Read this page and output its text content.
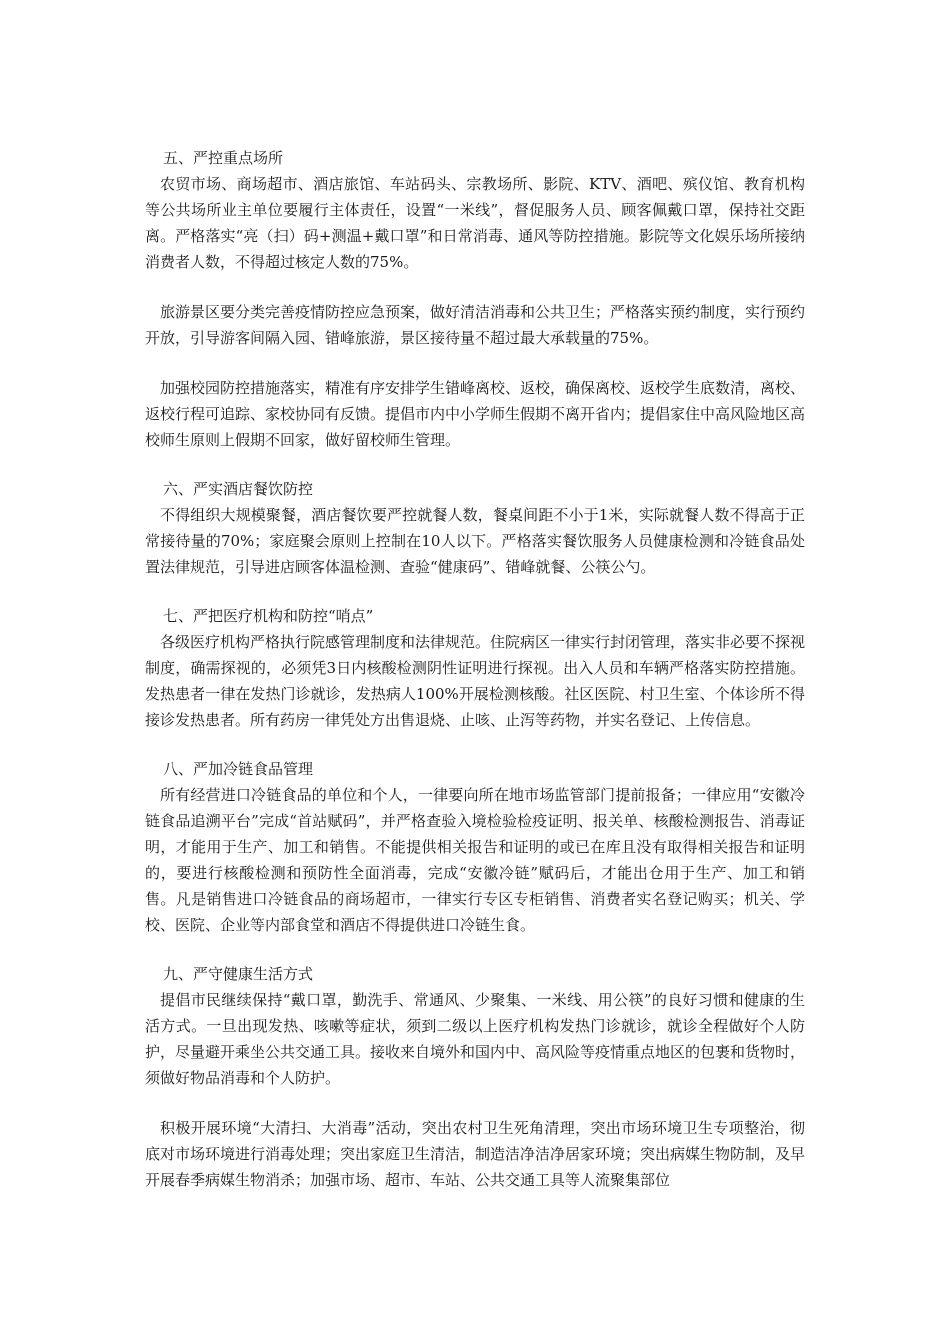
五、严控重点场所

农贸市场、商场超市、酒店旅馆、车站码头、宗教场所、影院、KTV、酒吧、殡仪馆、教育机构等公共场所业主单位要履行主体责任，设置“一米线”，督促服务人员、顾客佩戴口罩，保持社交距离。严格落实“亮（扫）码+测温+戴口罩”和日常消毒、通风等防控措施。影院等文化娱乐场所接纳消费者人数，不得超过核定人数的75%。

旅游景区要分类完善疫情防控应急预案，做好清洁消毒和公共卫生；严格落实预约制度，实行预约开放，引导游客间隔入园、错峰旅游，景区接待量不超过最大承载量的75%。

加强校园防控措施落实，精准有序安排学生错峰离校、返校，确保离校、返校学生底数清，离校、返校行程可追踪、家校协同有反馈。提倡市内中小学师生假期不离开省内；提倡家住中高风险地区高校师生原则上假期不回家，做好留校师生管理。

六、严实酒店餐饮防控

不得组织大规模聚餐，酒店餐饮要严控就餐人数，餐桌间距不小于1米，实际就餐人数不得高于正常接待量的70%；家庭聚会原则上控制在10人以下。严格落实餐饮服务人员健康检测和冷链食品处置法律规范，引导进店顾客体温检测、查验“健康码”、错峰就餐、公筷公勺。

七、严把医疗机构和防控“哨点”

各级医疗机构严格执行院感管理制度和法律规范。住院病区一律实行封闭管理，落实非必要不探视制度，确需探视的，必须凭3日内核酸检测阴性证明进行探视。出入人员和车辆严格落实防控措施。发热患者一律在发热门诊就诊，发热病人100%开展检测核酸。社区医院、村卫生室、个体诊所不得接诊发热患者。所有药房一律凭处方出售退烧、止咳、止泻等药物，并实名登记、上传信息。

八、严加冷链食品管理

所有经营进口冷链食品的单位和个人，一律要向所在地市场监管部门提前报备；一律应用“安徽冷链食品追溯平台”完成“首站赋码”，并严格查验入境检验检疫证明、报关单、核酸检测报告、消毒证明，才能用于生产、加工和销售。不能提供相关报告和证明的或已在库且没有取得相关报告和证明的，要进行核酸检测和预防性全面消毒，完成“安徽冷链”赋码后，才能出仓用于生产、加工和销售。凡是销售进口冷链食品的商场超市，一律实行专区专柜销售、消费者实名登记购买；机关、学校、医院、企业等内部食堂和酒店不得提供进口冷链生食。

九、严守健康生活方式

提倡市民继续保持“戴口罩，勤洗手、常通风、少聚集、一米线、用公筷”的良好习惯和健康的生活方式。一旦出现发热、咳嗽等症状，须到二级以上医疗机构发热门诊就诊，就诊全程做好个人防护，尽量避开乘坐公共交通工具。接收来自境外和国内中、高风险等疫情重点地区的包裹和货物时，须做好物品消毒和个人防护。

积极开展环境“大清扫、大消毒”活动，突出农村卫生死角清理，突出市场环境卫生专项整治，彻底对市场环境进行消毒处理；突出家庭卫生清洁，制造洁净洁净居家环境；突出病媒生物防制，及早开展春季病媒生物消杀；加强市场、超市、车站、公共交通工具等人流聚集部位
